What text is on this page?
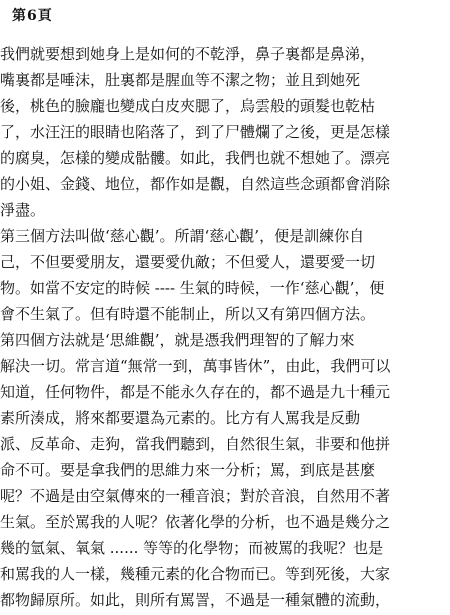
第6頁
我們就要想到她身上是如何的不乾淨，鼻子裏都是鼻涕，
嘴裏都是唾沫，肚裏都是腥血等不潔之物；並且到她死
後，桃色的臉龐也變成白皮夾腮了，烏雲般的頭髮也乾枯
了，水汪汪的眼睛也陷落了，到了尸體爛了之後，更是怎樣
的腐臭，怎樣的變成骷髏。如此，我們也就不想她了。漂亮
的小姐、金錢、地位，都作如是觀，自然這些念頭都會消除
淨盡。
第三個方法叫做‘慈心觀’。所謂‘慈心觀’，便是訓練你自
己，不但要愛朋友，還要愛仇敵；不但愛人，還要愛一切
物。如當不安定的時候 ---- 生氣的時候，一作‘慈心觀’，便
會不生氣了。但有時還不能制止，所以又有第四個方法。
第四個方法就是‘思維觀’，就是憑我們理智的了解力來
解決一切。常言道“無常一到，萬事皆休”，由此，我們可以
知道，任何物件，都是不能永久存在的，都不過是九十種元
素所湊成，將來都要還為元素的。比方有人罵我是反動
派、反革命、走狗，當我們聽到，自然很生氣，非要和他拼
命不可。要是拿我們的思維力來一分析；罵，到底是甚麼
呢？不過是由空氣傳來的一種音浪；對於音浪，自然用不著
生氣。至於罵我的人呢？依著化學的分析，也不過是幾分之
幾的氫氣、氧氣 ...... 等等的化學物；而被罵的我呢？也是
和罵我的人一樣，幾種元素的化合物而已。等到死後，大家
都物歸原所。如此，則所有罵詈，不過是一種氣體的流動，
